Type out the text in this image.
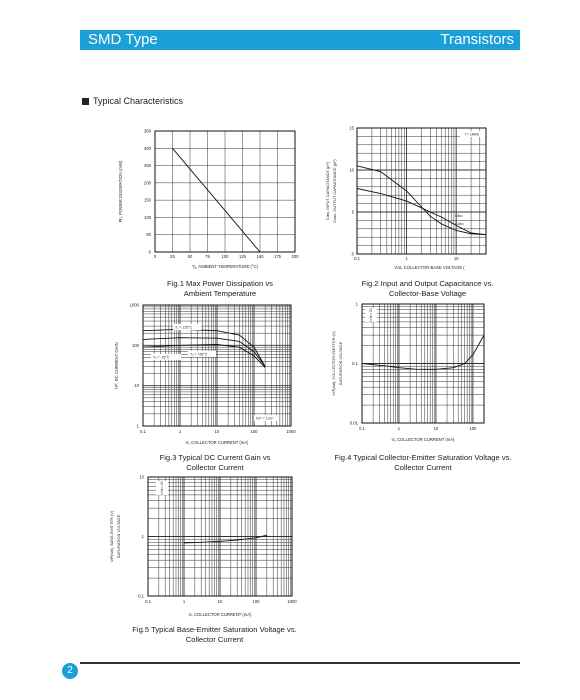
SMD Type	Transistors
Typical Characteristics
0	25	50	75	100	125	150	175	200
0
50
100
150
200
250
300
350
Tₐ, AMBIENT TEMPERATURE (°C)
Pᴅ, POWER DISSIPATION (mW)
0.1	1	10
0
5
10
15
Vᴄʙ, COLLECTOR-BASE VOLTAGE (
Cıʙᴏ, INPUT CAPACITANCE (pF) Cᴄʙᴏ, OUTPUT CAPACITANCE (pF)
f = 1MHz
Cibo
Cobo
0.1	1	10	100	1000
1
10
100
1000
Iᴄ, COLLECTOR CURRENT (mA)
hᶠᴱ, DC CURRENT GAIN
Tₐ = 125°C
Tₐ = +25°C
Tₐ = -25°C
Vᴄᴱ = 1.0V
0.1	1	10	100
0.01
0.1
1
Iᴄ, COLLECTOR CURRENT (mA)
Vᴄᴱ(sat), COLLECTOR-EMITTER (V) SATURATION VOLTAGE
Iᴄ/Iʙ = 10
0.1	1	10	100	1000
0.1
1
10
Iᴄ, COLLECTOR CURRENT (mA)
Vʙᴱ(sat), BASE-EMITTER (V) SATURATION VOLTAGE
Iᴄ/Iʙ = 10
Fig.1 Max Power Dissipation vs
Ambient Temperature
Fig.2 Input and Output Capacitance vs.
Collector-Base Voltage
Fig.3 Typical DC Current Gain vs
Collector Current
Fig.4 Typical Collector-Emitter Saturation Voltage vs.
Collector Current
Fig.5 Typical Base-Emitter Saturation Voltage vs.
Collector Current
2
